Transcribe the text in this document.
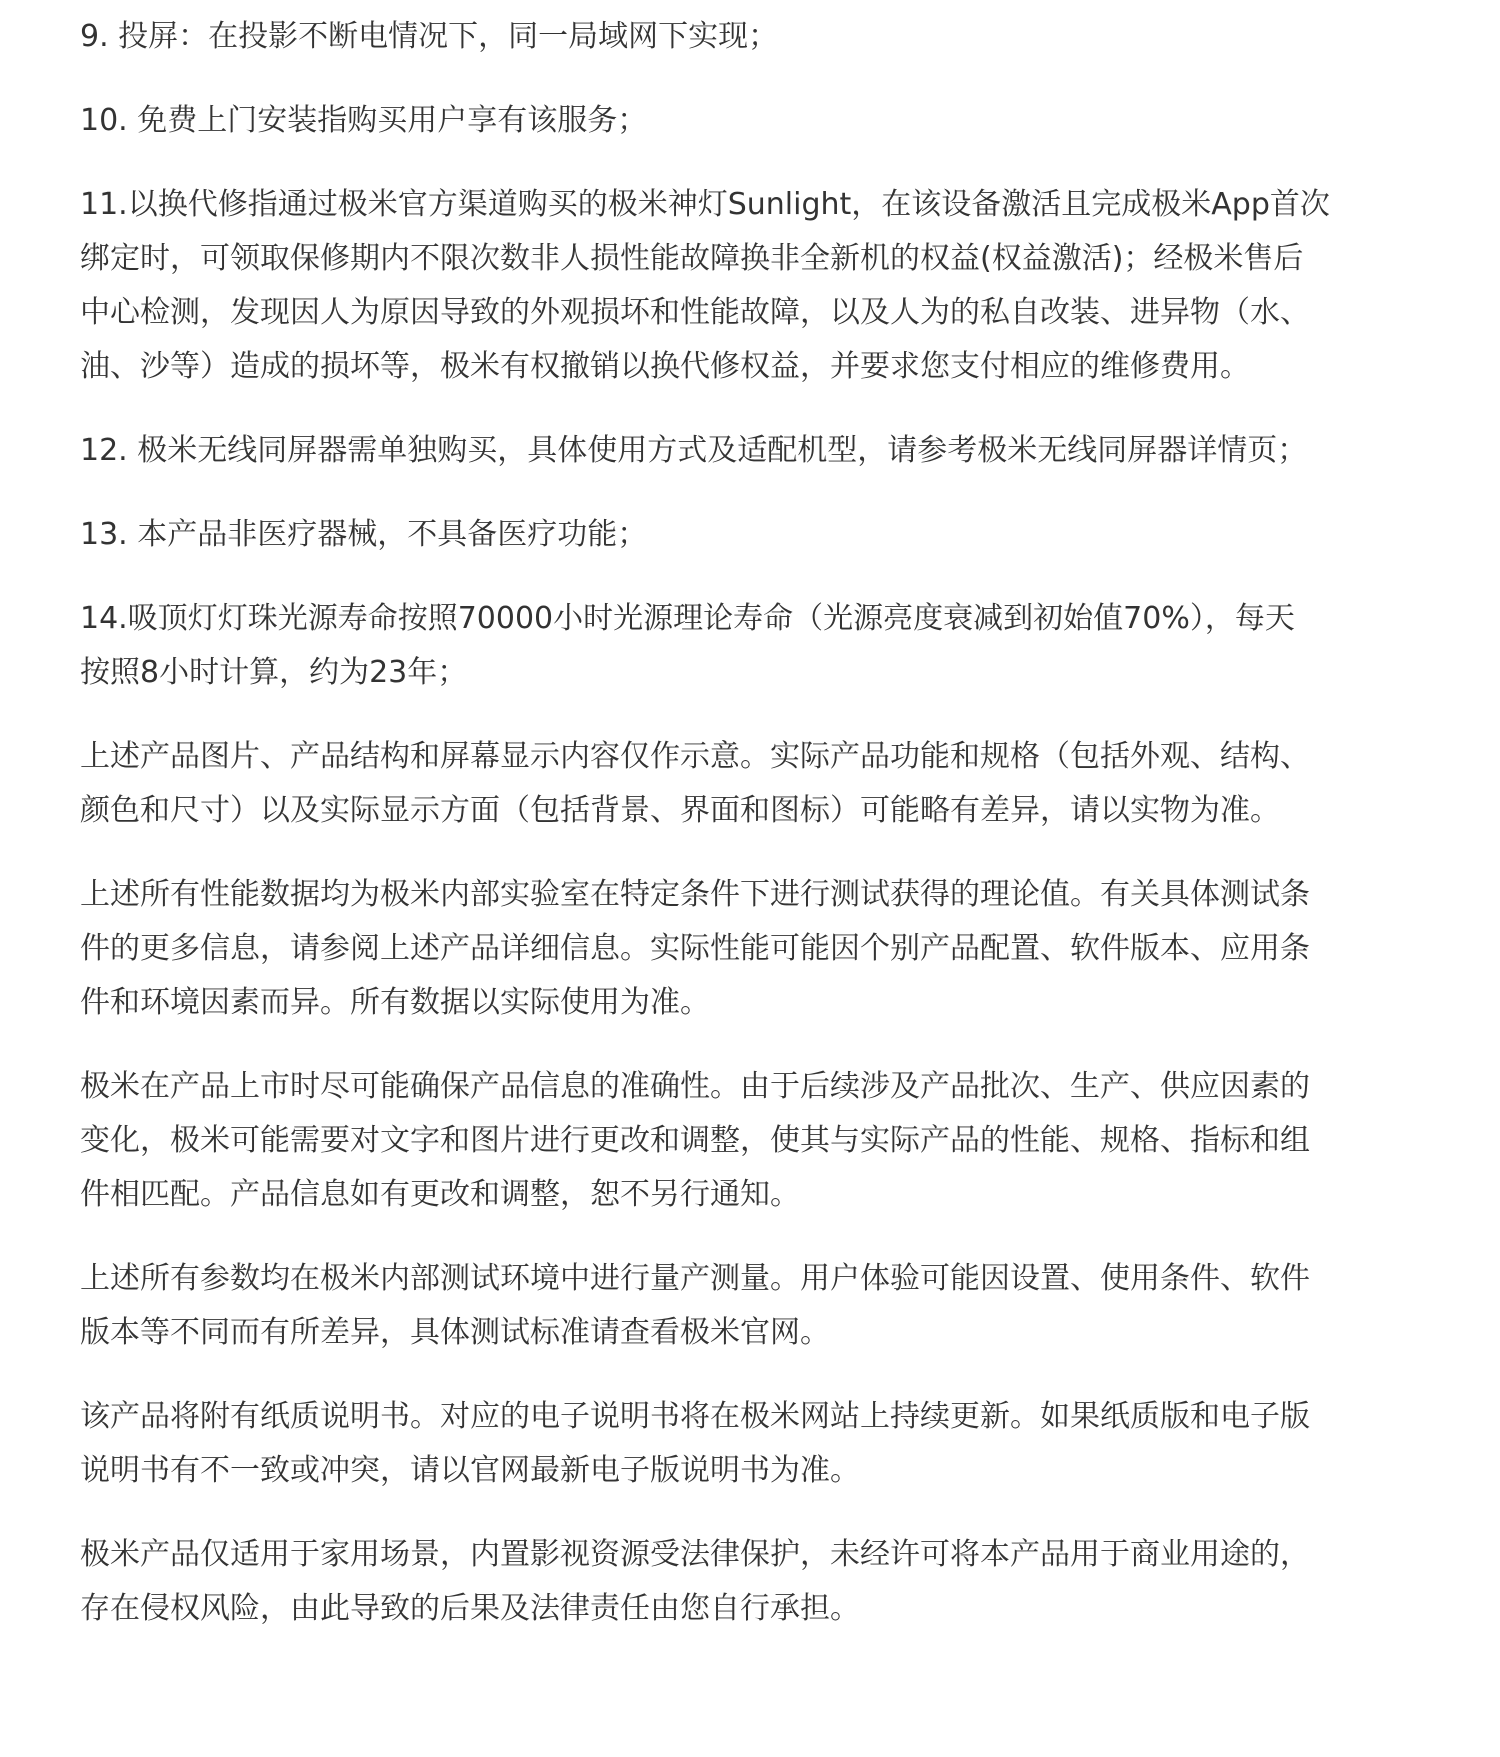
9. 投屏：在投影不断电情况下，同一局域网下实现；

10. 免费上门安装指购买用户享有该服务；

11.以换代修指通过极米官方渠道购买的极米神灯Sunlight，在该设备激活且完成极米App首次
绑定时，可领取保修期内不限次数非人损性能故障换非全新机的权益(权益激活)；经极米售后
中心检测，发现因人为原因导致的外观损坏和性能故障，以及人为的私自改装、进异物（水、
油、沙等）造成的损坏等，极米有权撤销以换代修权益，并要求您支付相应的维修费用。

12. 极米无线同屏器需单独购买，具体使用方式及适配机型，请参考极米无线同屏器详情页；

13. 本产品非医疗器械，不具备医疗功能；

14.吸顶灯灯珠光源寿命按照70000小时光源理论寿命（光源亮度衰减到初始值70%），每天
按照8小时计算，约为23年；

上述产品图片、产品结构和屏幕显示内容仅作示意。实际产品功能和规格（包括外观、结构、
颜色和尺寸）以及实际显示方面（包括背景、界面和图标）可能略有差异，请以实物为准。

上述所有性能数据均为极米内部实验室在特定条件下进行测试获得的理论值。有关具体测试条
件的更多信息，请参阅上述产品详细信息。实际性能可能因个别产品配置、软件版本、应用条
件和环境因素而异。所有数据以实际使用为准。

极米在产品上市时尽可能确保产品信息的准确性。由于后续涉及产品批次、生产、供应因素的
变化，极米可能需要对文字和图片进行更改和调整，使其与实际产品的性能、规格、指标和组
件相匹配。产品信息如有更改和调整，恕不另行通知。

上述所有参数均在极米内部测试环境中进行量产测量。用户体验可能因设置、使用条件、软件
版本等不同而有所差异，具体测试标准请查看极米官网。

该产品将附有纸质说明书。对应的电子说明书将在极米网站上持续更新。如果纸质版和电子版
说明书有不一致或冲突，请以官网最新电子版说明书为准。

极米产品仅适用于家用场景，内置影视资源受法律保护，未经许可将本产品用于商业用途的，
存在侵权风险，由此导致的后果及法律责任由您自行承担。
